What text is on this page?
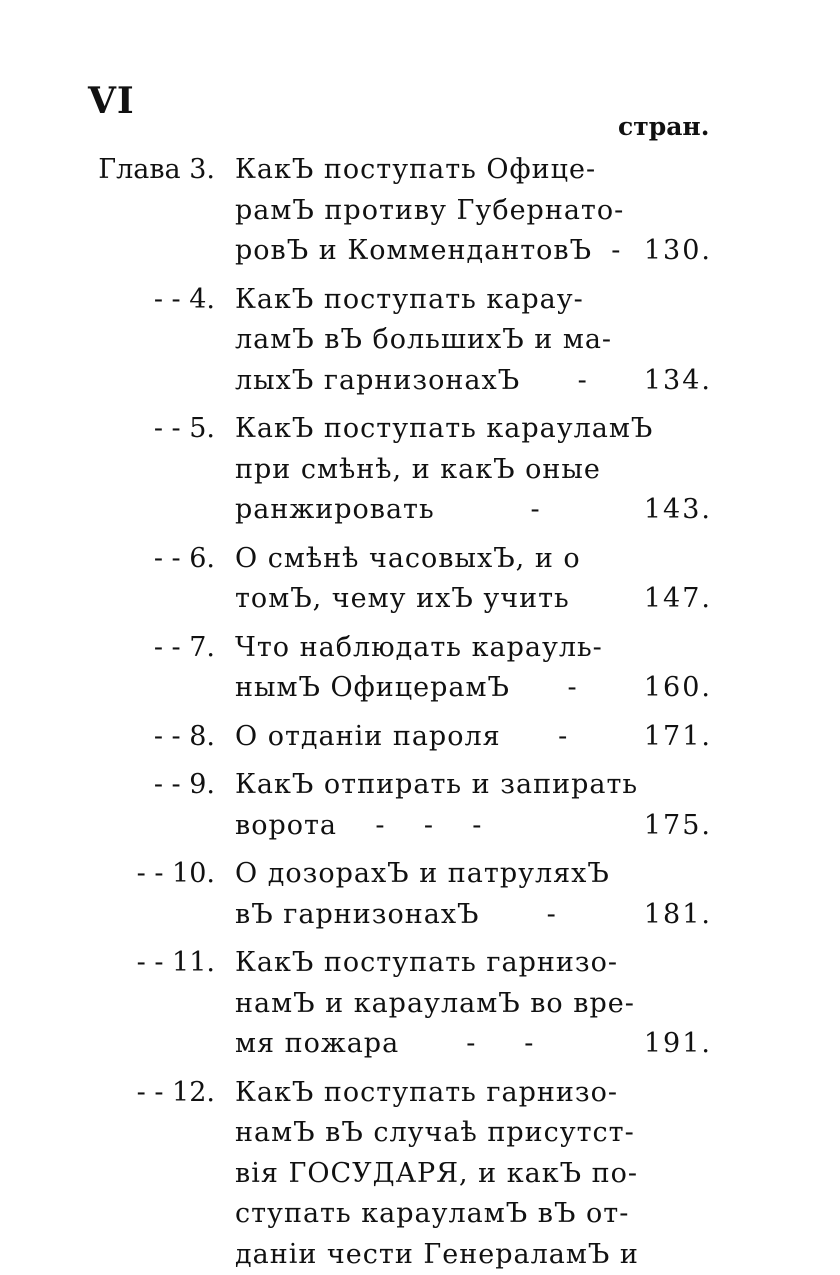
VI
стран.
Глава 3. КакЪ поступать Офице-
рамЪ противу Губернато-
ровЪ и КоммендантовЪ  - 130.
- - 4. КакЪ поступать карау-
ламЪ вЪ большихЪ и ма-
лыхЪ гарнизонахЪ      -	134.
- - 5. КакЪ поступать карауламЪ
при смѣнѣ, и какЪ оные
ранжировать          -	143.
- - 6. О смѣнѣ часовыхЪ, и о
томЪ, чему ихЪ учить	147.
- - 7. Что наблюдать карауль-
нымЪ ОфицерамЪ      -	160.
- - 8. О отданіи пароля      -	171.
- - 9. КакЪ отпирать и запирать
ворота    -    -    -	175.
- - 10. О дозорахЪ и патруляхЪ
вЪ гарнизонахЪ       -	181.
- - 11. КакЪ поступать гарнизо-
намЪ и карауламЪ во вре-
мя пожара       -     -	191.
- - 12. КакЪ поступать гарнизо-
намЪ вЪ случаѣ присутст-
вія ГОСУДАРЯ, и какЪ по-
ступать карауламЪ вЪ от-
даніи чести ГенераламЪ и
